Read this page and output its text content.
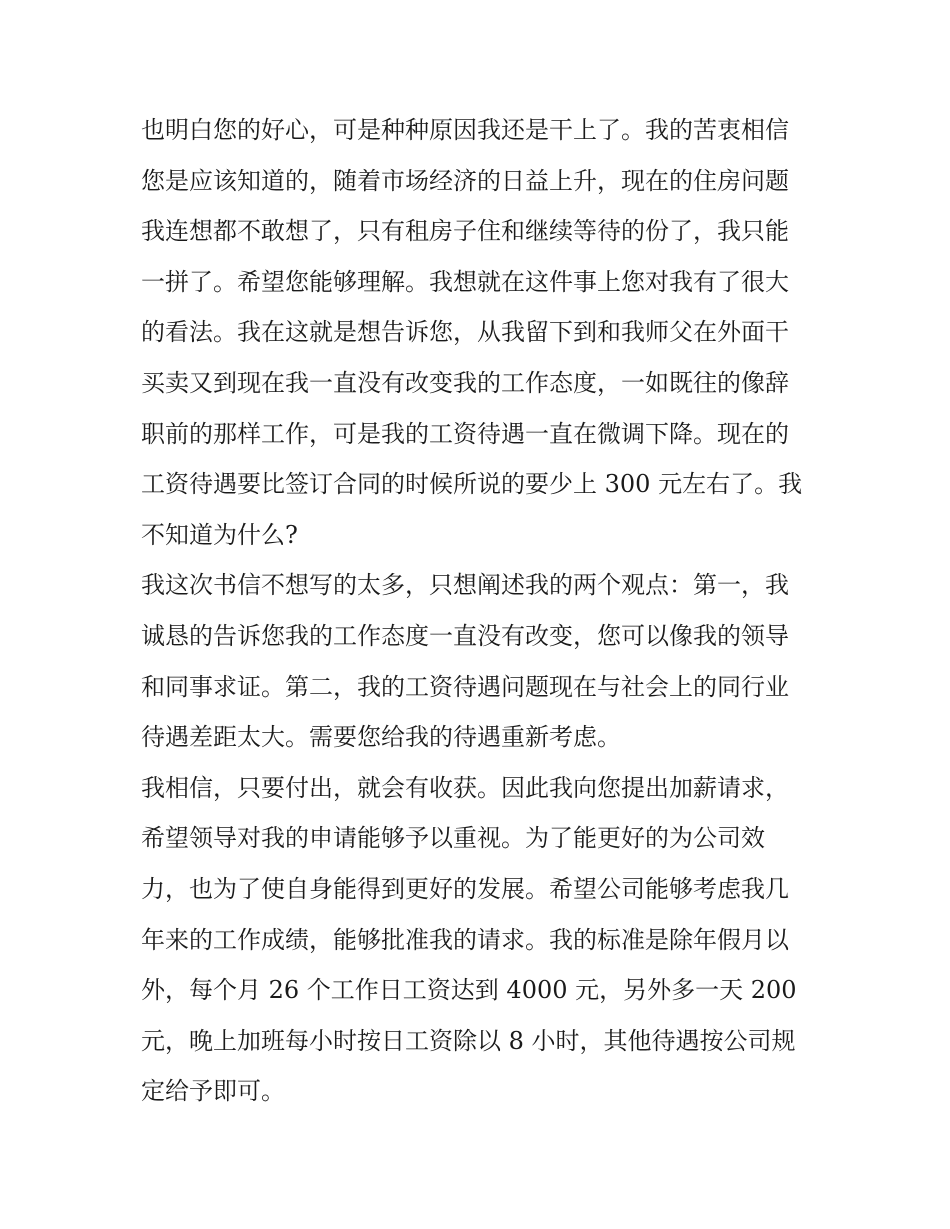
也明白您的好心，可是种种原因我还是干上了。我的苦衷相信
您是应该知道的，随着市场经济的日益上升，现在的住房问题
我连想都不敢想了，只有租房子住和继续等待的份了，我只能
一拼了。希望您能够理解。我想就在这件事上您对我有了很大
的看法。我在这就是想告诉您，从我留下到和我师父在外面干
买卖又到现在我一直没有改变我的工作态度，一如既往的像辞
职前的那样工作，可是我的工资待遇一直在微调下降。现在的
工资待遇要比签订合同的时候所说的要少上 300 元左右了。我
不知道为什么?
我这次书信不想写的太多，只想阐述我的两个观点：第一，我
诚恳的告诉您我的工作态度一直没有改变，您可以像我的领导
和同事求证。第二，我的工资待遇问题现在与社会上的同行业
待遇差距太大。需要您给我的待遇重新考虑。
我相信，只要付出，就会有收获。因此我向您提出加薪请求，
希望领导对我的申请能够予以重视。为了能更好的为公司效
力，也为了使自身能得到更好的发展。希望公司能够考虑我几
年来的工作成绩，能够批准我的请求。我的标准是除年假月以
外，每个月 26 个工作日工资达到 4000 元，另外多一天 200
元，晚上加班每小时按日工资除以 8 小时，其他待遇按公司规
定给予即可。
